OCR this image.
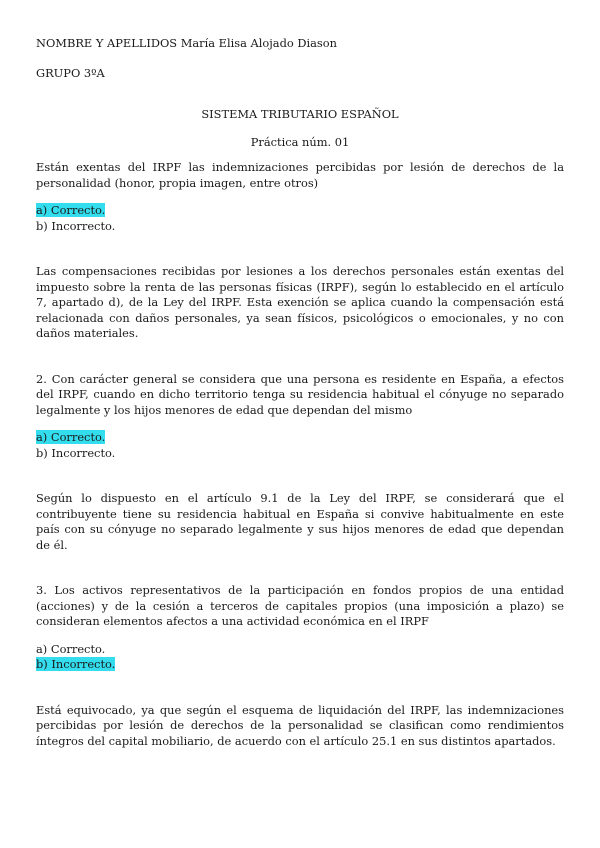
NOMBRE Y APELLIDOS María Elisa Alojado Diason

GRUPO 3ºA

SISTEMA TRIBUTARIO ESPAÑOL

Práctica núm. 01

Están exentas del IRPF las indemnizaciones percibidas por lesión de derechos de la personalidad (honor, propia imagen, entre otros)

a) Correcto.

b) Incorrecto.

Las compensaciones recibidas por lesiones a los derechos personales están exentas del impuesto sobre la renta de las personas físicas (IRPF), según lo establecido en el artículo 7, apartado d), de la Ley del IRPF. Esta exención se aplica cuando la compensación está relacionada con daños personales, ya sean físicos, psicológicos o emocionales, y no con daños materiales.

2. Con carácter general se considera que una persona es residente en España, a efectos del IRPF, cuando en dicho territorio tenga su residencia habitual el cónyuge no separado legalmente y los hijos menores de edad que dependan del mismo

a) Correcto.

b) Incorrecto.

Según lo dispuesto en el artículo 9.1 de la Ley del IRPF, se considerará que el contribuyente tiene su residencia habitual en España si convive habitualmente en este país con su cónyuge no separado legalmente y sus hijos menores de edad que dependan de él.

3. Los activos representativos de la participación en fondos propios de una entidad (acciones) y de la cesión a terceros de capitales propios (una imposición a plazo) se consideran elementos afectos a una actividad económica en el IRPF

a) Correcto.

b) Incorrecto.

Está equivocado, ya que según el esquema de liquidación del IRPF, las indemnizaciones percibidas por lesión de derechos de la personalidad se clasifican como rendimientos íntegros del capital mobiliario, de acuerdo con el artículo 25.1 en sus distintos apartados.
